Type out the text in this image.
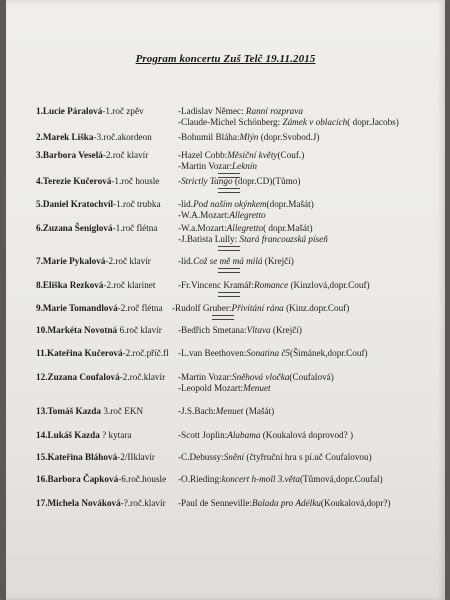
Program koncertu Zuš Telč 19.11.2015
1.Lucie Páralová-1.roč zpěv	-Ladislav Němec: Ranní rozprava
-Claude-Michel Schönberg: Zámek v oblacích( dopr.Jacobs)
2.Marek Liška-3.roč.akordeon	-Bohumil Bláha:Mlýn (dopr.Svobod.J)
3.Barbora Veselá-2.roč klavír	-Hazel Cobb:Měsíční květy(Couf.)
-Martin Vozar:Leknín
4.Terezie Kučerová-1.roč housle -Strictly Tango (dopr.CD)(Tůmo)
5.Daniel Kratochvíl-1.roč trubka -lid.Pod naším okýnkem(dopr.Mašát)
-W.A.Mozart:Allegretto
6.Zuzana Šeniglová-1.roč flétna -W.a.Mozart:Allegretto( dopr.Mašát)
-J.Batista Lully: Stará francouzská píseň
7.Marie Pykalová-2.roč klavír	-lid.Což se mě má milá (Krejčí)
8.Eliška Rezková-2.roč klarinet -Fr.Vincenc Kramář:Romance (Kinzlová,dopr.Couf)
9.Marie Tomandlová-2.roč flétna -Rudolf Gruber:Přivítání rána (Kinz.dopr.Couf)
10.Markéta Novotná 6.roč klavír -Bedřich Smetana:Vltava (Krejčí)
11.Kateřina Kučerová-2.roč.příč.fl -L.van Beethoven:Sonatina č5(Šimánek,dopr.Couf)
12.Zuzana Coufalová-2.roč.klavír -Martin Vozar:Sněhová vločka(Coufalová)
-Leopold Mozart:Menuet
13.Tomáš Kazda 3.roč EKN	-J.S.Bach:Menuet (Mašát)
14.Lukáš Kazda ? kytara	-Scott Joplin:Alabama (Koukalová doprovod? )
15.Kateřina Bláhová-2/IIklavír	-C.Debussy:Snění (čtyřruční hra s pí.uč Coufalovou)
16.Barbora Čapková-6.roč.housle -O.Rieding:koncert h-moll 3.věta(Tůmová,dopr.Coufal)
17.Michela Nováková-?.roč.klavír -Paul de Senneville:Balada pro Adélku(Koukalová,dopr?)
